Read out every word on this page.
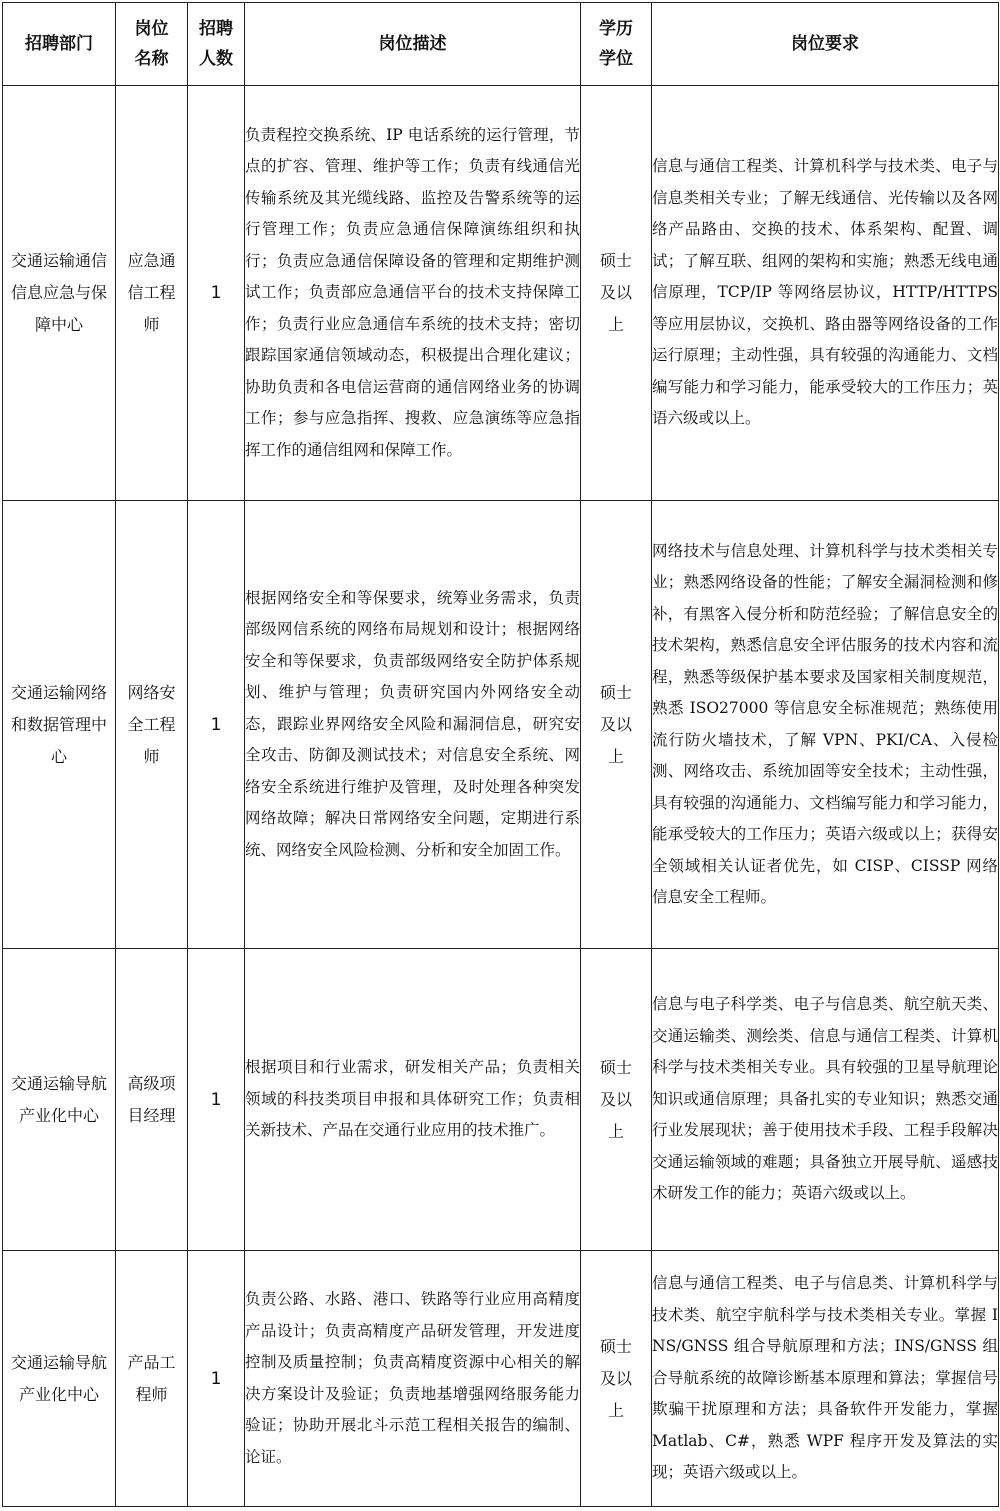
招聘部门	岗位名称	招聘人数	岗位描述	学历学位	岗位要求
交通运输通信信息应急与保障中心	应急通信工程师	1	负责程控交换系统、IP 电话系统的运行管理，节点的扩容、管理、维护等工作；负责有线通信光传输系统及其光缆线路、监控及告警系统等的运行管理工作；负责应急通信保障演练组织和执行；负责应急通信保障设备的管理和定期维护测试工作；负责部应急通信平台的技术支持保障工作；负责行业应急通信车系统的技术支持；密切跟踪国家通信领域动态，积极提出合理化建议；协助负责和各电信运营商的通信网络业务的协调工作；参与应急指挥、搜救、应急演练等应急指挥工作的通信组网和保障工作。	硕士及以上	信息与通信工程类、计算机科学与技术类、电子与信息类相关专业；了解无线通信、光传输以及各网络产品路由、交换的技术、体系架构、配置、调试；了解互联、组网的架构和实施；熟悉无线电通信原理，TCP/IP 等网络层协议，HTTP/HTTPS 等应用层协议，交换机、路由器等网络设备的工作运行原理；主动性强，具有较强的沟通能力、文档编写能力和学习能力，能承受较大的工作压力；英语六级或以上。
交通运输网络和数据管理中心	网络安全工程师	1	根据网络安全和等保要求，统筹业务需求，负责部级网信系统的网络布局规划和设计；根据网络安全和等保要求，负责部级网络安全防护体系规划、维护与管理；负责研究国内外网络安全动态，跟踪业界网络安全风险和漏洞信息，研究安全攻击、防御及测试技术；对信息安全系统、网络安全系统进行维护及管理，及时处理各种突发网络故障；解决日常网络安全问题，定期进行系统、网络安全风险检测、分析和安全加固工作。	硕士及以上	网络技术与信息处理、计算机科学与技术类相关专业；熟悉网络设备的性能；了解安全漏洞检测和修补，有黑客入侵分析和防范经验；了解信息安全的技术架构，熟悉信息安全评估服务的技术内容和流程，熟悉等级保护基本要求及国家相关制度规范，熟悉 ISO27000 等信息安全标准规范；熟练使用流行防火墙技术，了解 VPN、PKI/CA、入侵检测、网络攻击、系统加固等安全技术；主动性强，具有较强的沟通能力、文档编写能力和学习能力，能承受较大的工作压力；英语六级或以上；获得安全领域相关认证者优先，如 CISP、CISSP 网络信息安全工程师。
交通运输导航产业化中心	高级项目经理	1	根据项目和行业需求，研发相关产品；负责相关领域的科技类项目申报和具体研究工作；负责相关新技术、产品在交通行业应用的技术推广。	硕士及以上	信息与电子科学类、电子与信息类、航空航天类、交通运输类、测绘类、信息与通信工程类、计算机科学与技术类相关专业。具有较强的卫星导航理论知识或通信原理；具备扎实的专业知识；熟悉交通行业发展现状；善于使用技术手段、工程手段解决交通运输领域的难题；具备独立开展导航、遥感技术研发工作的能力；英语六级或以上。
交通运输导航产业化中心	产品工程师	1	负责公路、水路、港口、铁路等行业应用高精度产品设计；负责高精度产品研发管理，开发进度控制及质量控制；负责高精度资源中心相关的解决方案设计及验证；负责地基增强网络服务能力验证；协助开展北斗示范工程相关报告的编制、论证。	硕士及以上	信息与通信工程类、电子与信息类、计算机科学与技术类、航空宇航科学与技术类相关专业。掌握 INS/GNSS 组合导航原理和方法；INS/GNSS 组合导航系统的故障诊断基本原理和算法；掌握信号欺骗干扰原理和方法；具备软件开发能力，掌握 Matlab、C#，熟悉 WPF 程序开发及算法的实现；英语六级或以上。
